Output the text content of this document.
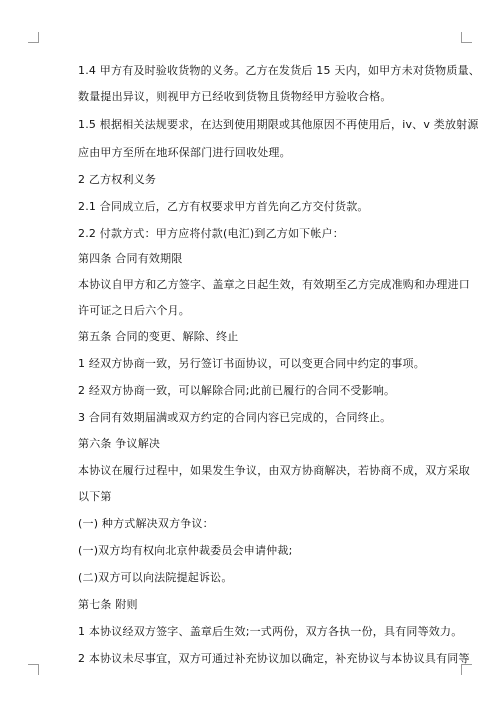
1.4 甲方有及时验收货物的义务。乙方在发货后 15 天内，如甲方未对货物质量、
数量提出异议，则视甲方已经收到货物且货物经甲方验收合格。
1.5 根据相关法规要求，在达到使用期限或其他原因不再使用后，iv、v 类放射源
应由甲方至所在地环保部门进行回收处理。
2 乙方权利义务
2.1 合同成立后，乙方有权要求甲方首先向乙方交付货款。
2.2 付款方式：甲方应将付款(电汇)到乙方如下帐户：
第四条 合同有效期限
本协议自甲方和乙方签字、盖章之日起生效，有效期至乙方完成准购和办理进口
许可证之日后六个月。
第五条 合同的变更、解除、终止
1 经双方协商一致，另行签订书面协议，可以变更合同中约定的事项。
2 经双方协商一致，可以解除合同;此前已履行的合同不受影响。
3 合同有效期届满或双方约定的合同内容已完成的，合同终止。
第六条 争议解决
本协议在履行过程中，如果发生争议，由双方协商解决，若协商不成，双方采取
以下第
(一) 种方式解决双方争议：
(一)双方均有权向北京仲裁委员会申请仲裁;
(二)双方可以向法院提起诉讼。
第七条 附则
1 本协议经双方签字、盖章后生效;一式两份，双方各执一份，具有同等效力。
2 本协议未尽事宜，双方可通过补充协议加以确定，补充协议与本协议具有同等
